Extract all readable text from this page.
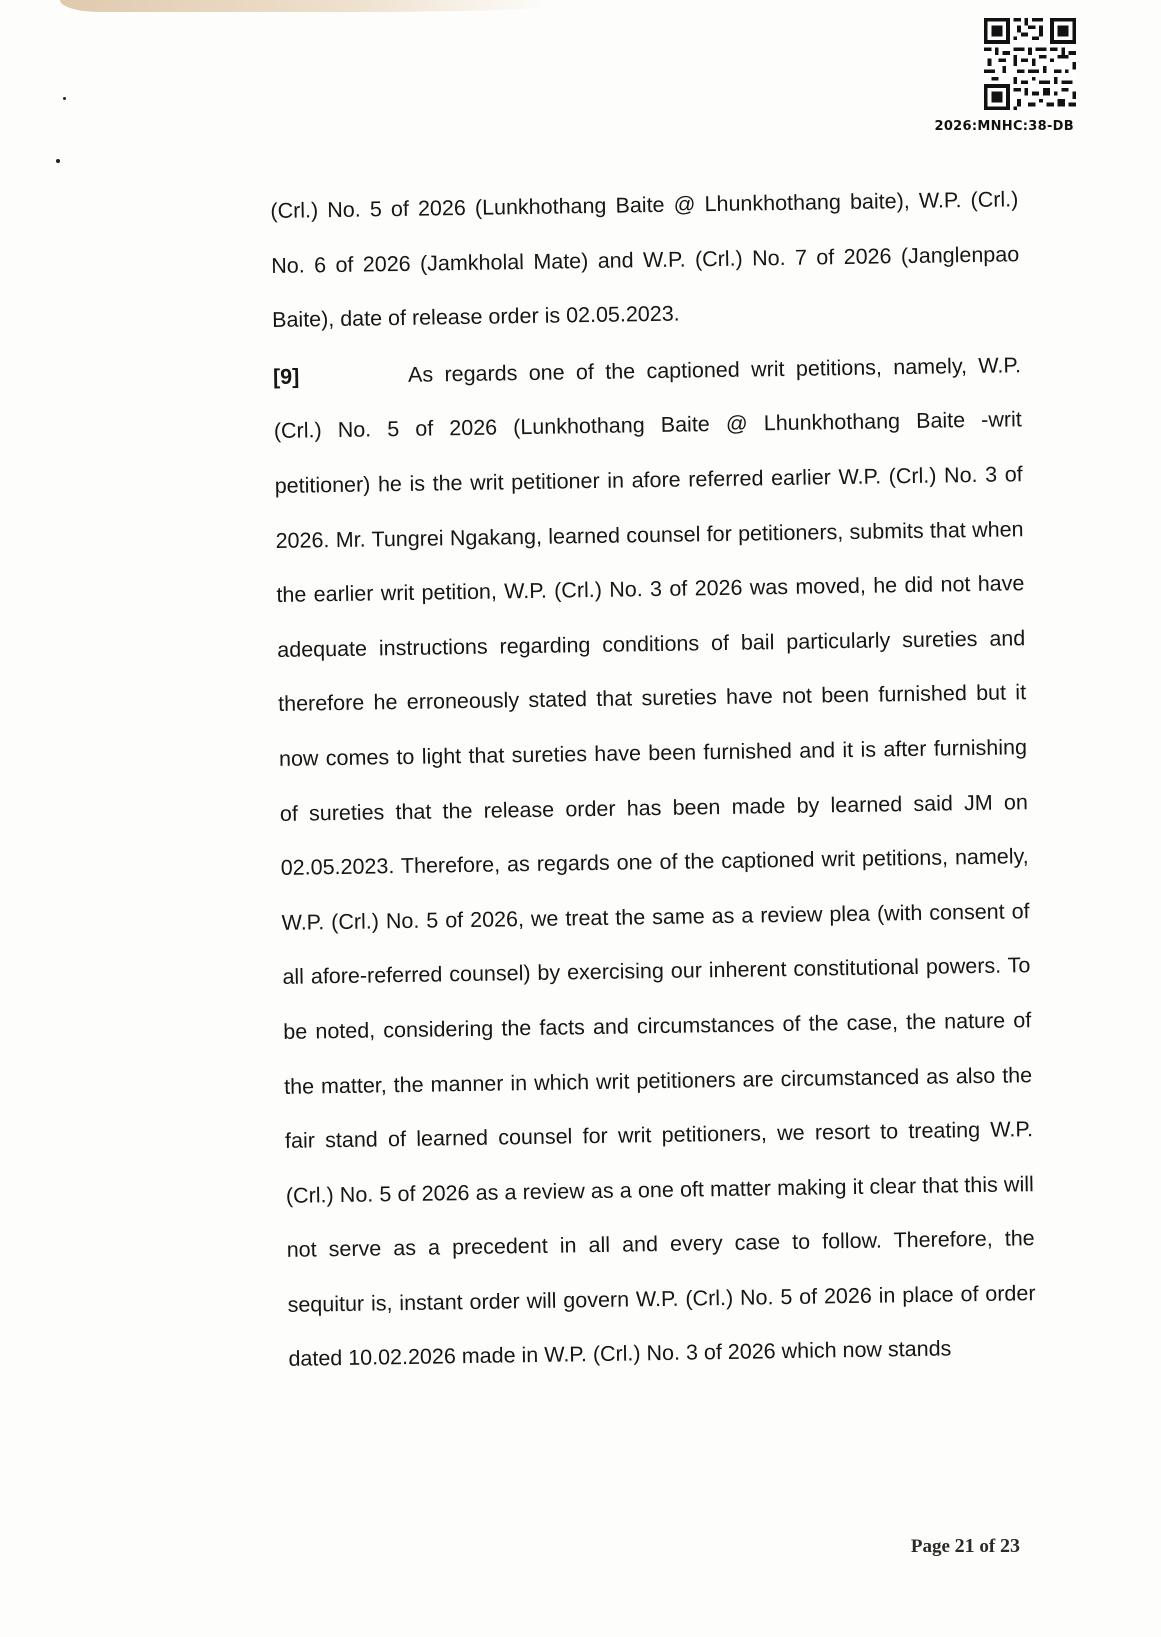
2026:MNHC:38-DB

(Crl.) No. 5 of 2026 (Lunkhothang Baite @ Lhunkhothang baite), W.P. (Crl.) No. 6 of 2026 (Jamkholal Mate) and W.P. (Crl.) No. 7 of 2026 (Janglenpao Baite), date of release order is 02.05.2023.

[9]	As regards one of the captioned writ petitions, namely, W.P. (Crl.) No. 5 of 2026 (Lunkhothang Baite @ Lhunkhothang Baite -writ petitioner) he is the writ petitioner in afore referred earlier W.P. (Crl.) No. 3 of 2026. Mr. Tungrei Ngakang, learned counsel for petitioners, submits that when the earlier writ petition, W.P. (Crl.) No. 3 of 2026 was moved, he did not have adequate instructions regarding conditions of bail particularly sureties and therefore he erroneously stated that sureties have not been furnished but it now comes to light that sureties have been furnished and it is after furnishing of sureties that the release order has been made by learned said JM on 02.05.2023. Therefore, as regards one of the captioned writ petitions, namely, W.P. (Crl.) No. 5 of 2026, we treat the same as a review plea (with consent of all afore-referred counsel) by exercising our inherent constitutional powers. To be noted, considering the facts and circumstances of the case, the nature of the matter, the manner in which writ petitioners are circumstanced as also the fair stand of learned counsel for writ petitioners, we resort to treating W.P. (Crl.) No. 5 of 2026 as a review as a one oft matter making it clear that this will not serve as a precedent in all and every case to follow. Therefore, the sequitur is, instant order will govern W.P. (Crl.) No. 5 of 2026 in place of order dated 10.02.2026 made in W.P. (Crl.) No. 3 of 2026 which now stands

Page 21 of 23
